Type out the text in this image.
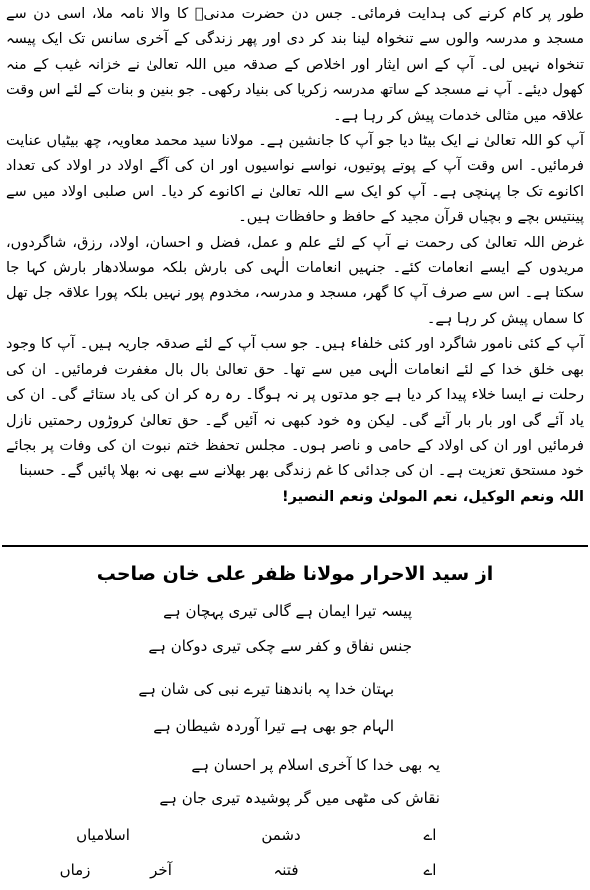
طور پر کام کرنے کی ہدایت فرمائی۔ جس دن حضرت مدنیؒ کا والا نامہ ملا، اسی دن سے مسجد و مدرسہ والوں سے تنخواہ لینا بند کر دی اور پھر زندگی کے آخری سانس تک ایک پیسہ تنخواہ نہیں لی۔ آپ کے اس ایثار اور اخلاص کے صدقہ میں اللہ تعالیٰ نے خزانہ غیب کے منہ کھول دیئے۔ آپ نے مسجد کے ساتھ مدرسہ زکریا کی بنیاد رکھی۔ جو بنین و بنات کے لئے اس وقت علاقہ میں مثالی خدمات پیش کر رہا ہے۔

آپ کو اللہ تعالیٰ نے ایک بیٹا دیا جو آپ کا جانشین ہے۔ مولانا سید محمد معاویہ، چھ بیٹیاں عنایت فرمائیں۔ اس وقت آپ کے پوتے پوتیوں، نواسے نواسیوں اور ان کی آگے اولاد در اولاد کی تعداد اکانوے تک جا پہنچی ہے۔ آپ کو ایک سے اللہ تعالیٰ نے اکانوے کر دیا۔ اس صلبی اولاد میں سے پینتیس بچے و بچیاں قرآن مجید کے حافظ و حافظات ہیں۔

غرض اللہ تعالیٰ کی رحمت نے آپ کے لئے علم و عمل، فضل و احسان، اولاد، رزق، شاگردوں، مریدوں کے ایسے انعامات کئے۔ جنہیں انعامات الٰہی کی بارش بلکہ موسلادھار بارش کہا جا سکتا ہے۔ اس سے صرف آپ کا گھر، مسجد و مدرسہ، مخدوم پور نہیں بلکہ پورا علاقہ جل تھل کا سماں پیش کر رہا ہے۔

آپ کے کئی نامور شاگرد اور کئی خلفاء ہیں۔ جو سب آپ کے لئے صدقہ جاریہ ہیں۔ آپ کا وجود بھی خلق خدا کے لئے انعامات الٰہی میں سے تھا۔ حق تعالیٰ بال بال مغفرت فرمائیں۔ ان کی رحلت نے ایسا خلاء پیدا کر دیا ہے جو مدتوں پر نہ ہوگا۔ رہ رہ کر ان کی یاد ستائے گی۔ ان کی یاد آئے گی اور بار بار آئے گی۔ لیکن وہ خود کبھی نہ آئیں گے۔ حق تعالیٰ کروڑوں رحمتیں نازل فرمائیں اور ان کی اولاد کے حامی و ناصر ہوں۔ مجلس تحفظ ختم نبوت ان کی وفات پر بجائے خود مستحق تعزیت ہے۔ ان کی جدائی کا غم زندگی بھر بھلانے سے بھی نہ بھلا پائیں گے۔ حسبنا
اللہ ونعم الوکیل، نعم المولیٰ ونعم النصیر!

از سید الاحرار مولانا ظفر علی خان صاحب
پیسہ تیرا ایمان ہے گالی تیری پہچان ہے
جنس نفاق و کفر سے چکی تیری دوکان ہے
بہتان خدا پہ باندھنا تیرے نبی کی شان ہے
الہام جو بھی ہے تیرا آوردہ شیطان ہے
یہ بھی خدا کا آخری اسلام پر احسان ہے
نقاش کی مٹھی میں گر پوشیدہ تیری جان ہے
اے
دشمن
اسلامیاں
اے
فتنہ
آخر
زماں
